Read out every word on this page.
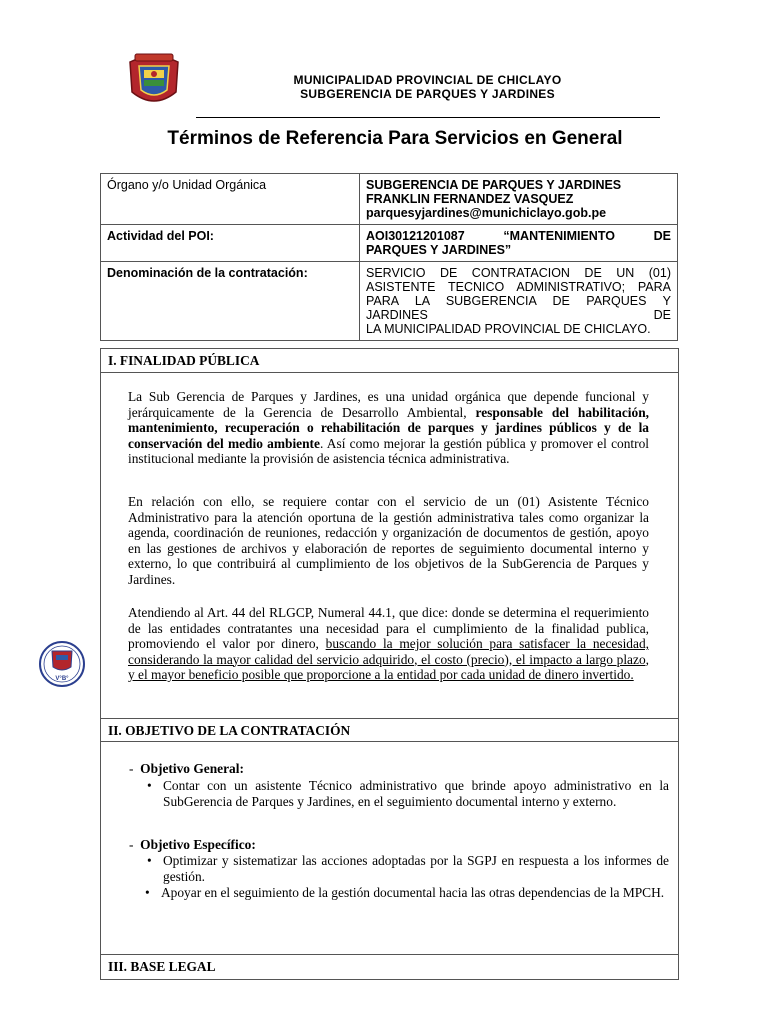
MUNICIPALIDAD PROVINCIAL DE CHICLAYO
SUBGERENCIA DE PARQUES Y JARDINES
Términos de Referencia Para Servicios en General
Órgano y/o Unidad Orgánica	SUBGERENCIA DE PARQUES Y JARDINES
FRANKLIN FERNANDEZ VASQUEZ
parquesyjardines@munichiclayo.gob.pe

Actividad del POI:	AOI30121201087 “MANTENIMIENTO DE
PARQUES Y JARDINES”

Denominación de la contratación:	SERVICIO DE CONTRATACION DE UN (01)
ASISTENTE TECNICO ADMINISTRATIVO; PARA
PARA LA SUBGERENCIA DE PARQUES Y JARDINES DE
LA MUNICIPALIDAD PROVINCIAL DE CHICLAYO.
I. FINALIDAD PÚBLICA

La Sub Gerencia de Parques y Jardines, es una unidad orgánica que depende funcional y jerárquicamente de la Gerencia de Desarrollo Ambiental, responsable del habilitación, mantenimiento, recuperación o rehabilitación de parques y jardines públicos y de la conservación del medio ambiente. Así como mejorar la gestión pública y promover el control institucional mediante la provisión de asistencia técnica administrativa.

En relación con ello, se requiere contar con el servicio de un (01) Asistente Técnico Administrativo para la atención oportuna de la gestión administrativa tales como organizar la agenda, coordinación de reuniones, redacción y organización de documentos de gestión, apoyo en las gestiones de archivos y elaboración de reportes de seguimiento documental interno y externo, lo que contribuirá al cumplimiento de los objetivos de la SubGerencia de Parques y Jardines.

Atendiendo al Art. 44 del RLGCP, Numeral 44.1, que dice: donde se determina el requerimiento de las entidades contratantes una necesidad para el cumplimiento de la finalidad publica, promoviendo el valor por dinero, buscando la mejor solución para satisfacer la necesidad, considerando la mayor calidad del servicio adquirido, el costo (precio), el impacto a largo plazo, y el mayor beneficio posible que proporcione a la entidad por cada unidad de dinero invertido.

II. OBJETIVO DE LA CONTRATACIÓN
- Objetivo General:
• Contar con un asistente Técnico administrativo que brinde apoyo administrativo en la SubGerencia de Parques y Jardines, en el seguimiento documental interno y externo.
- Objetivo Específico:
• Optimizar y sistematizar las acciones adoptadas por la SGPJ en respuesta a los informes de gestión.
• Apoyar en el seguimiento de la gestión documental hacia las otras dependencias de la MPCH.
III. BASE LEGAL
V°B°
